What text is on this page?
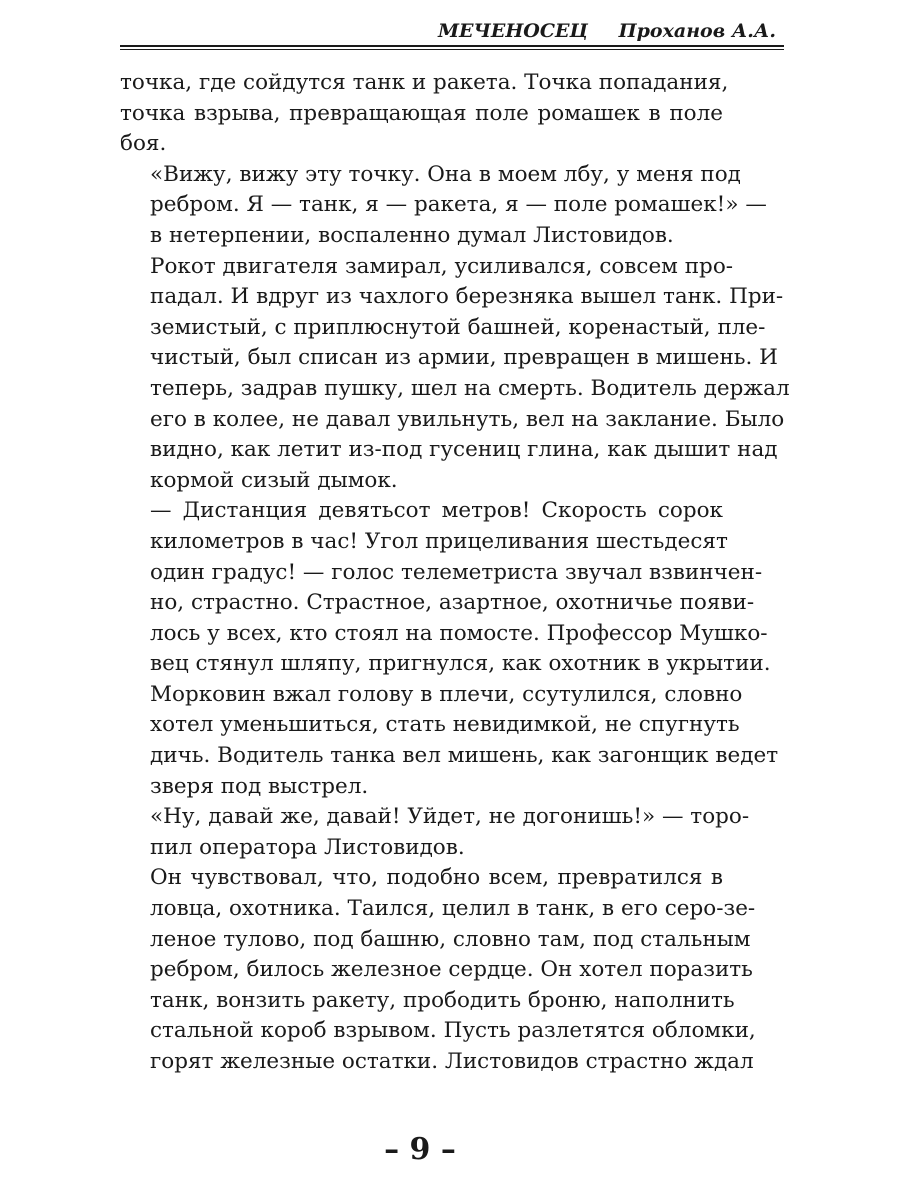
МЕЧЕНОСЕЦ Проханов А.А.

точка, где сойдутся танк и ракета. Точка попадания,
точка взрыва, превращающая поле ромашек в поле
боя.

«Вижу, вижу эту точку. Она в моем лбу, у меня под
ребром. Я — танк, я — ракета, я — поле ромашек!» —
в нетерпении, воспаленно думал Листовидов.

Рокот двигателя замирал, усиливался, совсем про-
падал. И вдруг из чахлого березняка вышел танк. При-
земистый, с приплюснутой башней, коренастый, пле-
чистый, был списан из армии, превращен в мишень. И
теперь, задрав пушку, шел на смерть. Водитель держал
его в колее, не давал увильнуть, вел на заклание. Было
видно, как летит из-под гусениц глина, как дышит над
кормой сизый дымок.

— Дистанция девятьсот метров! Скорость сорок
километров в час! Угол прицеливания шестьдесят
один градус! — голос телеметриста звучал взвинчен-
но, страстно. Страстное, азартное, охотничье появи-
лось у всех, кто стоял на помосте. Профессор Мушко-
вец стянул шляпу, пригнулся, как охотник в укрытии.
Морковин вжал голову в плечи, ссутулился, словно
хотел уменьшиться, стать невидимкой, не спугнуть
дичь. Водитель танка вел мишень, как загонщик ведет
зверя под выстрел.

«Ну, давай же, давай! Уйдет, не догонишь!» — торо-
пил оператора Листовидов.

Он чувствовал, что, подобно всем, превратился в
ловца, охотника. Таился, целил в танк, в его серо-зе-
леное тулово, под башню, словно там, под стальным
ребром, билось железное сердце. Он хотел поразить
танк, вонзить ракету, прободить броню, наполнить
стальной короб взрывом. Пусть разлетятся обломки,
горят железные остатки. Листовидов страстно ждал

– 9 –
